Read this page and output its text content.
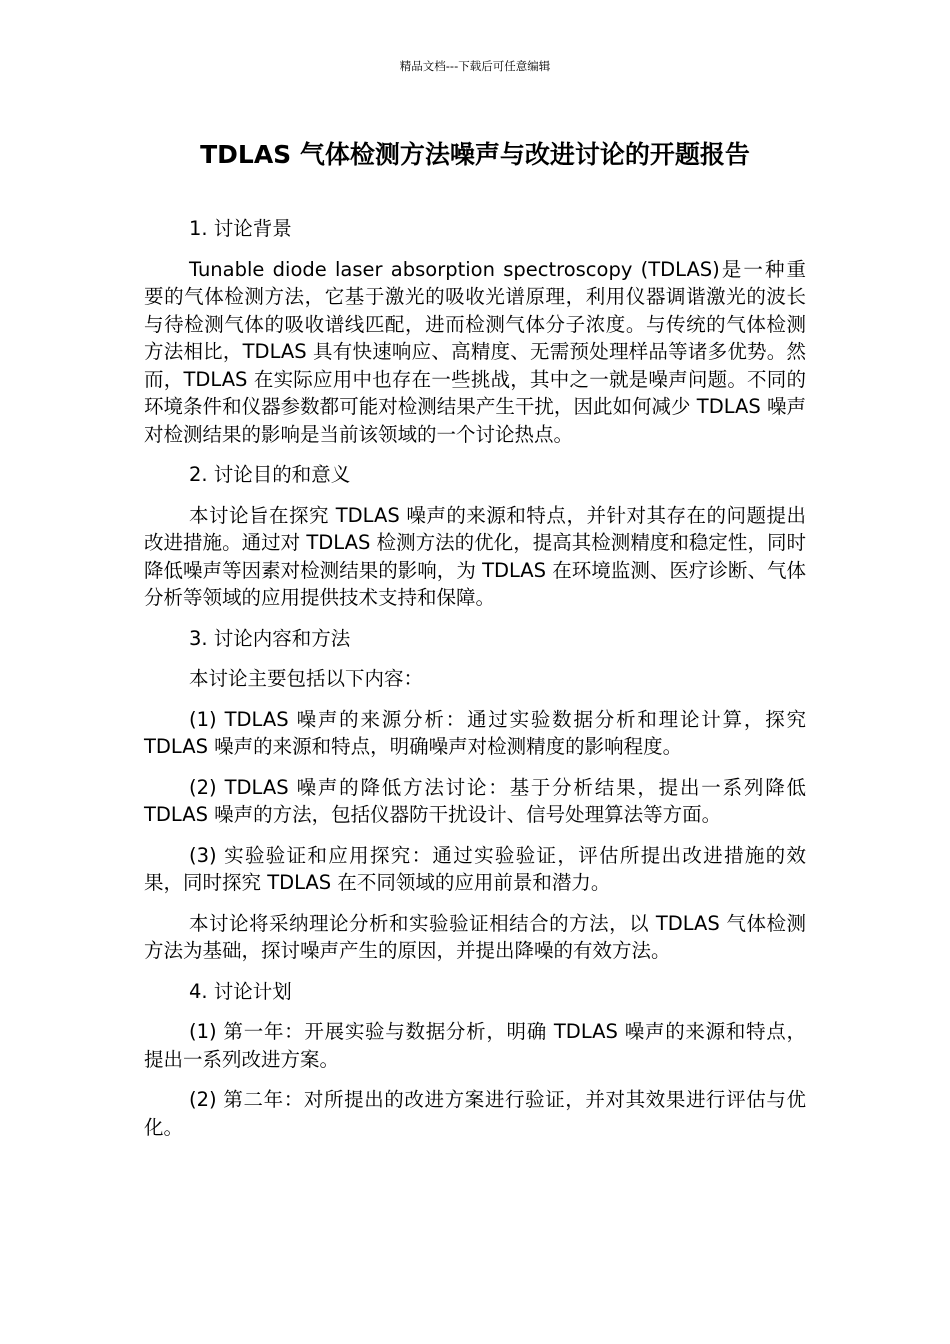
精品文档---下载后可任意编辑
TDLAS 气体检测方法噪声与改进讨论的开题报告

1. 讨论背景

Tunable diode laser absorption spectroscopy (TDLAS)是一种重要的气体检测方法，它基于激光的吸收光谱原理，利用仪器调谐激光的波长与待检测气体的吸收谱线匹配，进而检测气体分子浓度。与传统的气体检测方法相比，TDLAS 具有快速响应、高精度、无需预处理样品等诸多优势。然而，TDLAS 在实际应用中也存在一些挑战，其中之一就是噪声问题。不同的环境条件和仪器参数都可能对检测结果产生干扰，因此如何减少 TDLAS 噪声对检测结果的影响是当前该领域的一个讨论热点。

2. 讨论目的和意义

本讨论旨在探究 TDLAS 噪声的来源和特点，并针对其存在的问题提出改进措施。通过对 TDLAS 检测方法的优化，提高其检测精度和稳定性，同时降低噪声等因素对检测结果的影响，为 TDLAS 在环境监测、医疗诊断、气体分析等领域的应用提供技术支持和保障。

3. 讨论内容和方法

本讨论主要包括以下内容：

(1) TDLAS 噪声的来源分析：通过实验数据分析和理论计算，探究 TDLAS 噪声的来源和特点，明确噪声对检测精度的影响程度。

(2) TDLAS 噪声的降低方法讨论：基于分析结果，提出一系列降低 TDLAS 噪声的方法，包括仪器防干扰设计、信号处理算法等方面。

(3) 实验验证和应用探究：通过实验验证，评估所提出改进措施的效果，同时探究 TDLAS 在不同领域的应用前景和潜力。

本讨论将采纳理论分析和实验验证相结合的方法，以 TDLAS 气体检测方法为基础，探讨噪声产生的原因，并提出降噪的有效方法。

4. 讨论计划

(1) 第一年：开展实验与数据分析，明确 TDLAS 噪声的来源和特点，提出一系列改进方案。

(2) 第二年：对所提出的改进方案进行验证，并对其效果进行评估与优化。
